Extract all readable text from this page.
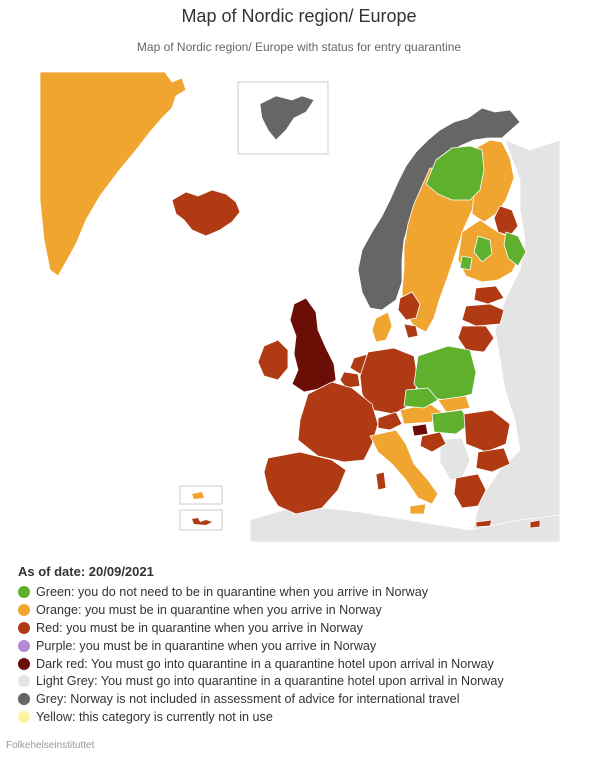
Map of Nordic region/ Europe
Map of Nordic region/ Europe with status for entry quarantine
As of date: 20/09/2021
Green: you do not need to be in quarantine when you arrive in Norway
Orange: you must be in quarantine when you arrive in Norway
Red: you must be in quarantine when you arrive in Norway
Purple: you must be in quarantine when you arrive in Norway
Dark red: You must go into quarantine in a quarantine hotel upon arrival in Norway
Light Grey: You must go into quarantine in a quarantine hotel upon arrival in Norway
Grey: Norway is not included in assessment of advice for international travel
Yellow: this category is currently not in use
Folkehelseinstituttet
